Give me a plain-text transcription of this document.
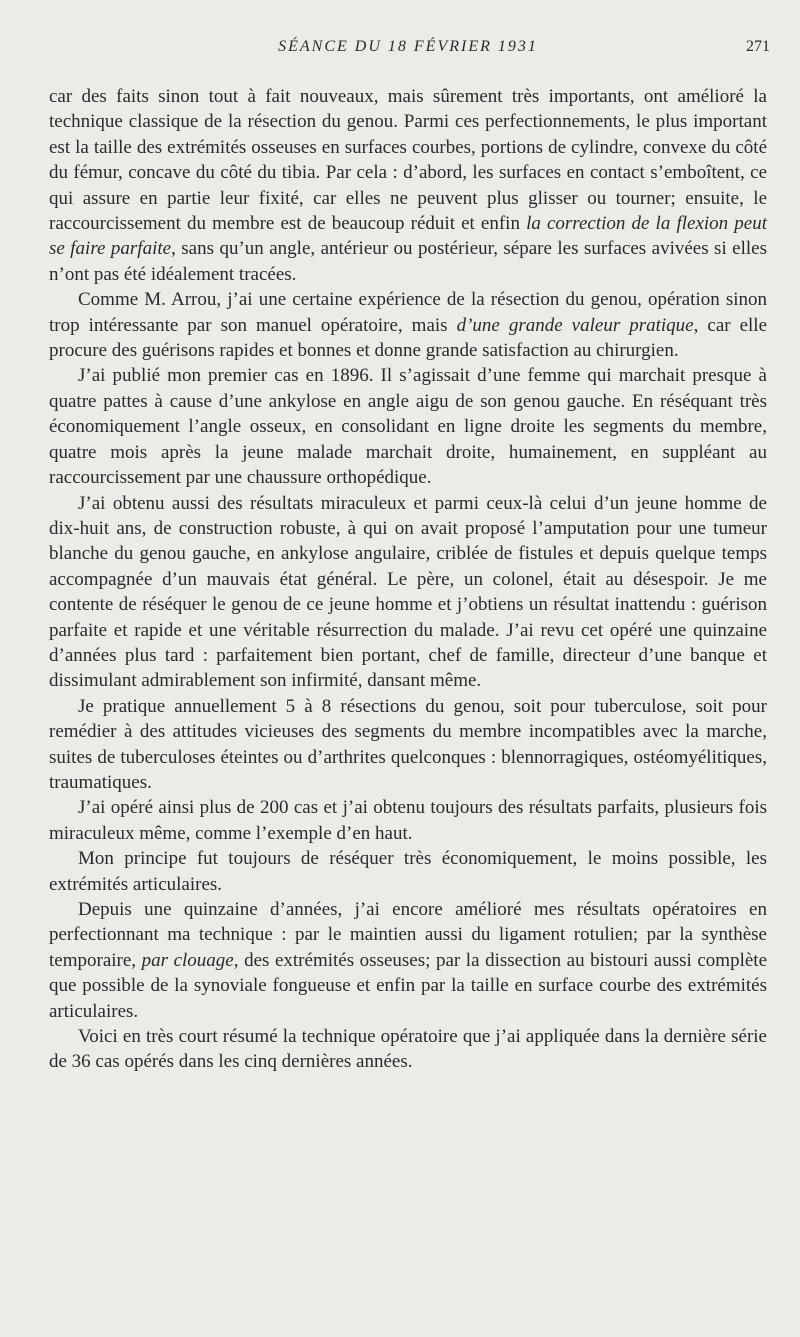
SÉANCE DU 18 FÉVRIER 1931	271

car des faits sinon tout à fait nouveaux, mais sûrement très importants, ont amélioré la technique classique de la résection du genou. Parmi ces perfectionnements, le plus important est la taille des extrémités osseuses en surfaces courbes, portions de cylindre, convexe du côté du fémur, concave du côté du tibia. Par cela : d’abord, les surfaces en contact s’emboîtent, ce qui assure en partie leur fixité, car elles ne peuvent plus glisser ou tourner; ensuite, le raccourcissement du membre est de beaucoup réduit et enfin la correction de la flexion peut se faire parfaite, sans qu’un angle, antérieur ou postérieur, sépare les surfaces avivées si elles n’ont pas été idéalement tracées.

Comme M. Arrou, j’ai une certaine expérience de la résection du genou, opération sinon trop intéressante par son manuel opératoire, mais d’une grande valeur pratique, car elle procure des guérisons rapides et bonnes et donne grande satisfaction au chirurgien.

J’ai publié mon premier cas en 1896. Il s’agissait d’une femme qui marchait presque à quatre pattes à cause d’une ankylose en angle aigu de son genou gauche. En réséquant très économiquement l’angle osseux, en consolidant en ligne droite les segments du membre, quatre mois après la jeune malade marchait droite, humainement, en suppléant au raccourcissement par une chaussure orthopédique.

J’ai obtenu aussi des résultats miraculeux et parmi ceux-là celui d’un jeune homme de dix-huit ans, de construction robuste, à qui on avait proposé l’amputation pour une tumeur blanche du genou gauche, en ankylose angulaire, criblée de fistules et depuis quelque temps accompagnée d’un mauvais état général. Le père, un colonel, était au désespoir. Je me contente de réséquer le genou de ce jeune homme et j’obtiens un résultat inattendu : guérison parfaite et rapide et une véritable résurrection du malade. J’ai revu cet opéré une quinzaine d’années plus tard : parfaitement bien portant, chef de famille, directeur d’une banque et dissimulant admirablement son infirmité, dansant même.

Je pratique annuellement 5 à 8 résections du genou, soit pour tuberculose, soit pour remédier à des attitudes vicieuses des segments du membre incompatibles avec la marche, suites de tuberculoses éteintes ou d’arthrites quelconques : blennorragiques, ostéomyélitiques, traumatiques.

J’ai opéré ainsi plus de 200 cas et j’ai obtenu toujours des résultats parfaits, plusieurs fois miraculeux même, comme l’exemple d’en haut.

Mon principe fut toujours de réséquer très économiquement, le moins possible, les extrémités articulaires.

Depuis une quinzaine d’années, j’ai encore amélioré mes résultats opératoires en perfectionnant ma technique : par le maintien aussi du ligament rotulien; par la synthèse temporaire, par clouage, des extrémités osseuses; par la dissection au bistouri aussi complète que possible de la synoviale fongueuse et enfin par la taille en surface courbe des extrémités articulaires.

Voici en très court résumé la technique opératoire que j’ai appliquée dans la dernière série de 36 cas opérés dans les cinq dernières années.
